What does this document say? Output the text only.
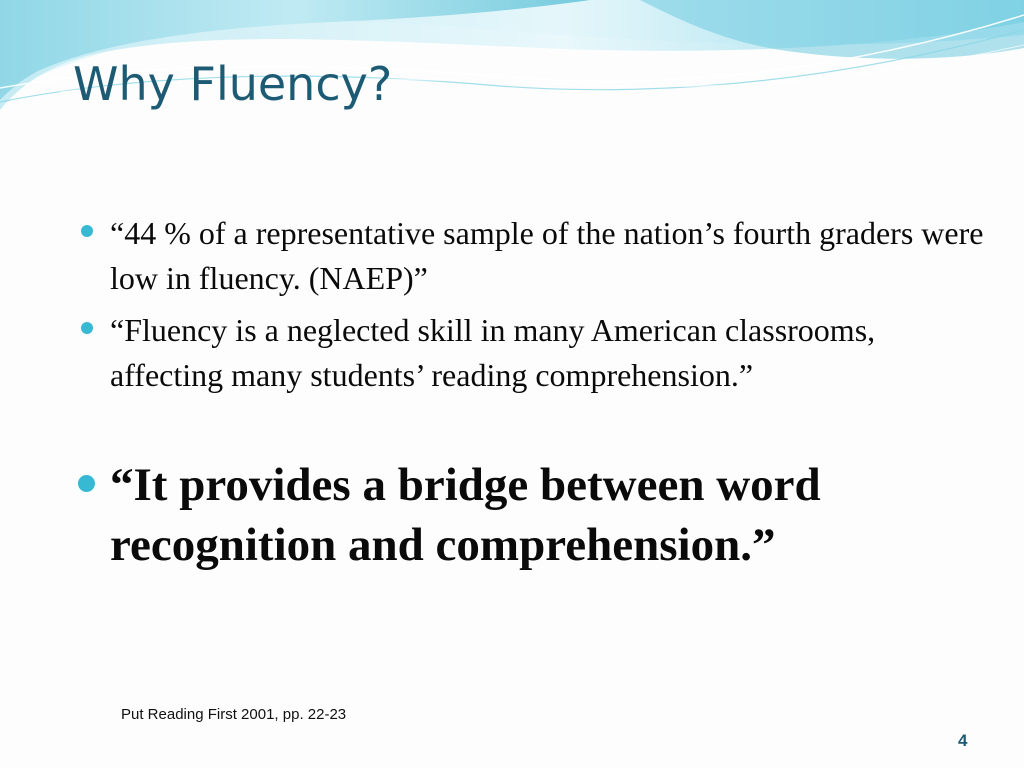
Why Fluency?
“44 % of a representative sample of the nation’s fourth graders were low in fluency. (NAEP)”
“Fluency is a neglected skill in many American classrooms, affecting many students’ reading comprehension.”
“It provides a bridge between word recognition and comprehension.”
Put Reading First 2001, pp. 22-23
4
